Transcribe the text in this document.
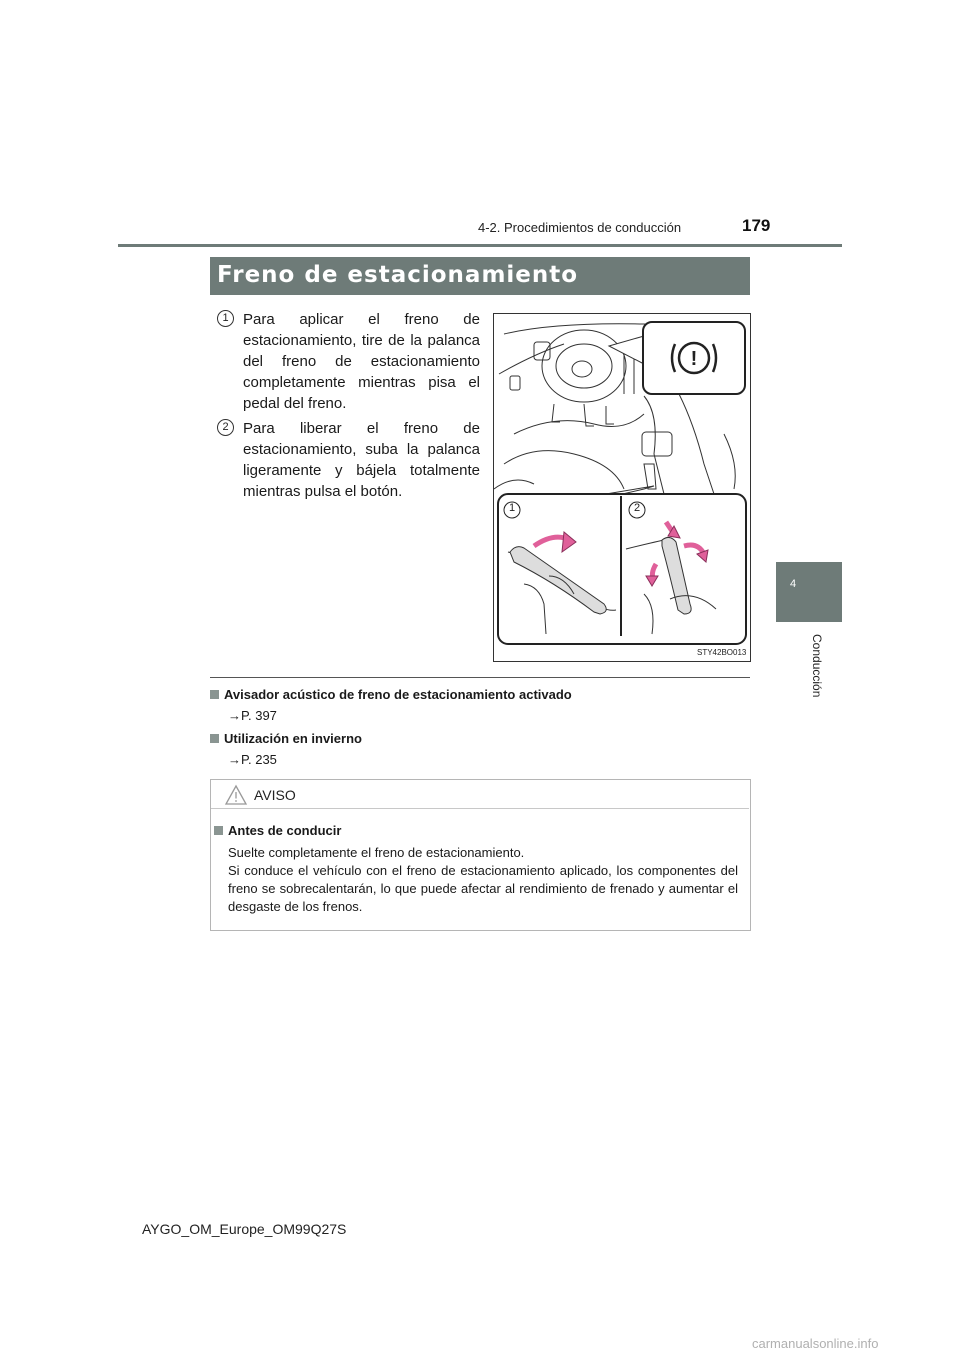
4-2. Procedimientos de conducción	179
4
Conducción
Freno de estacionamiento
1 Para aplicar el freno de estacionamiento, tire de la palanca del freno de estacionamiento completamente mientras pisa el pedal del freno.
2 Para liberar el freno de estacionamiento, suba la palanca ligeramente y bájela totalmente mientras pulsa el botón.
!
1	2
STY42BO013
Avisador acústico de freno de estacionamiento activado
→P. 397
Utilización en invierno
→P. 235
AVISO
Antes de conducir

Suelte completamente el freno de estacionamiento.

Si conduce el vehículo con el freno de estacionamiento aplicado, los componentes del freno se sobrecalentarán, lo que puede afectar al rendimiento de frenado y aumentar el desgaste de los frenos.

AYGO_OM_Europe_OM99Q27S
carmanualsonline.info
